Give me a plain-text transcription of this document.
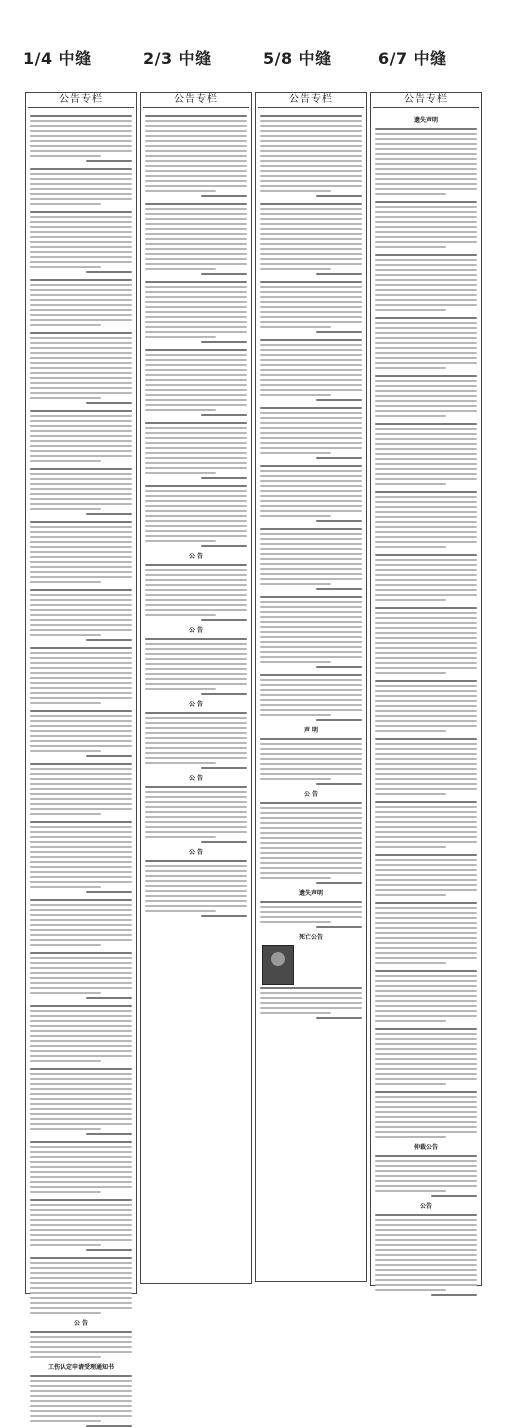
1/4 中缝	2/3 中缝	5/8 中缝	6/7 中缝
公告专栏
公 告
工伤认定申请受理通知书
公告专栏
公 告
公 告
公 告
公 告
公 告
公告专栏
声 明
公 告
遗失声明
死亡公告
公告专栏
遗失声明
仲裁公告
公告
